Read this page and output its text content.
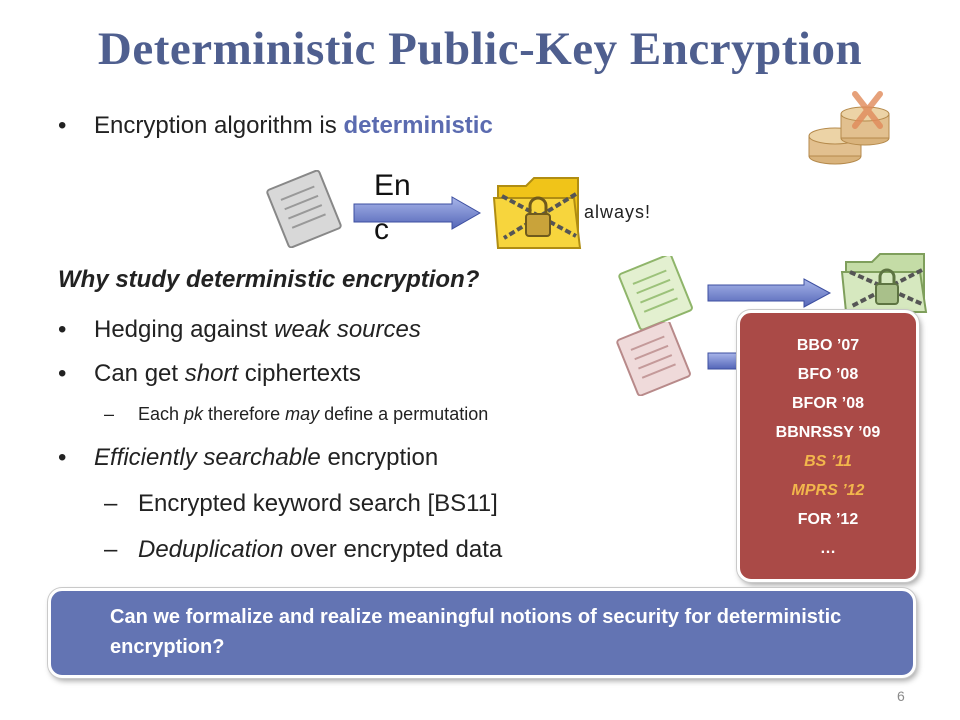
Deterministic Public-Key Encryption
• Encryption algorithm is deterministic
En c
always!
Why study deterministic encryption?
• Hedging against weak sources
• Can get short ciphertexts
– Each pk therefore may define a permutation
• Efficiently searchable encryption
– Encrypted keyword search [BS11]
– Deduplication over encrypted data
BBO ’07
BFO ’08
BFOR ’08
BBNRSSY ’09
BS ’11
MPRS ’12
FOR ’12
…
Can we formalize and realize meaningful notions of security for deterministic encryption?
6
